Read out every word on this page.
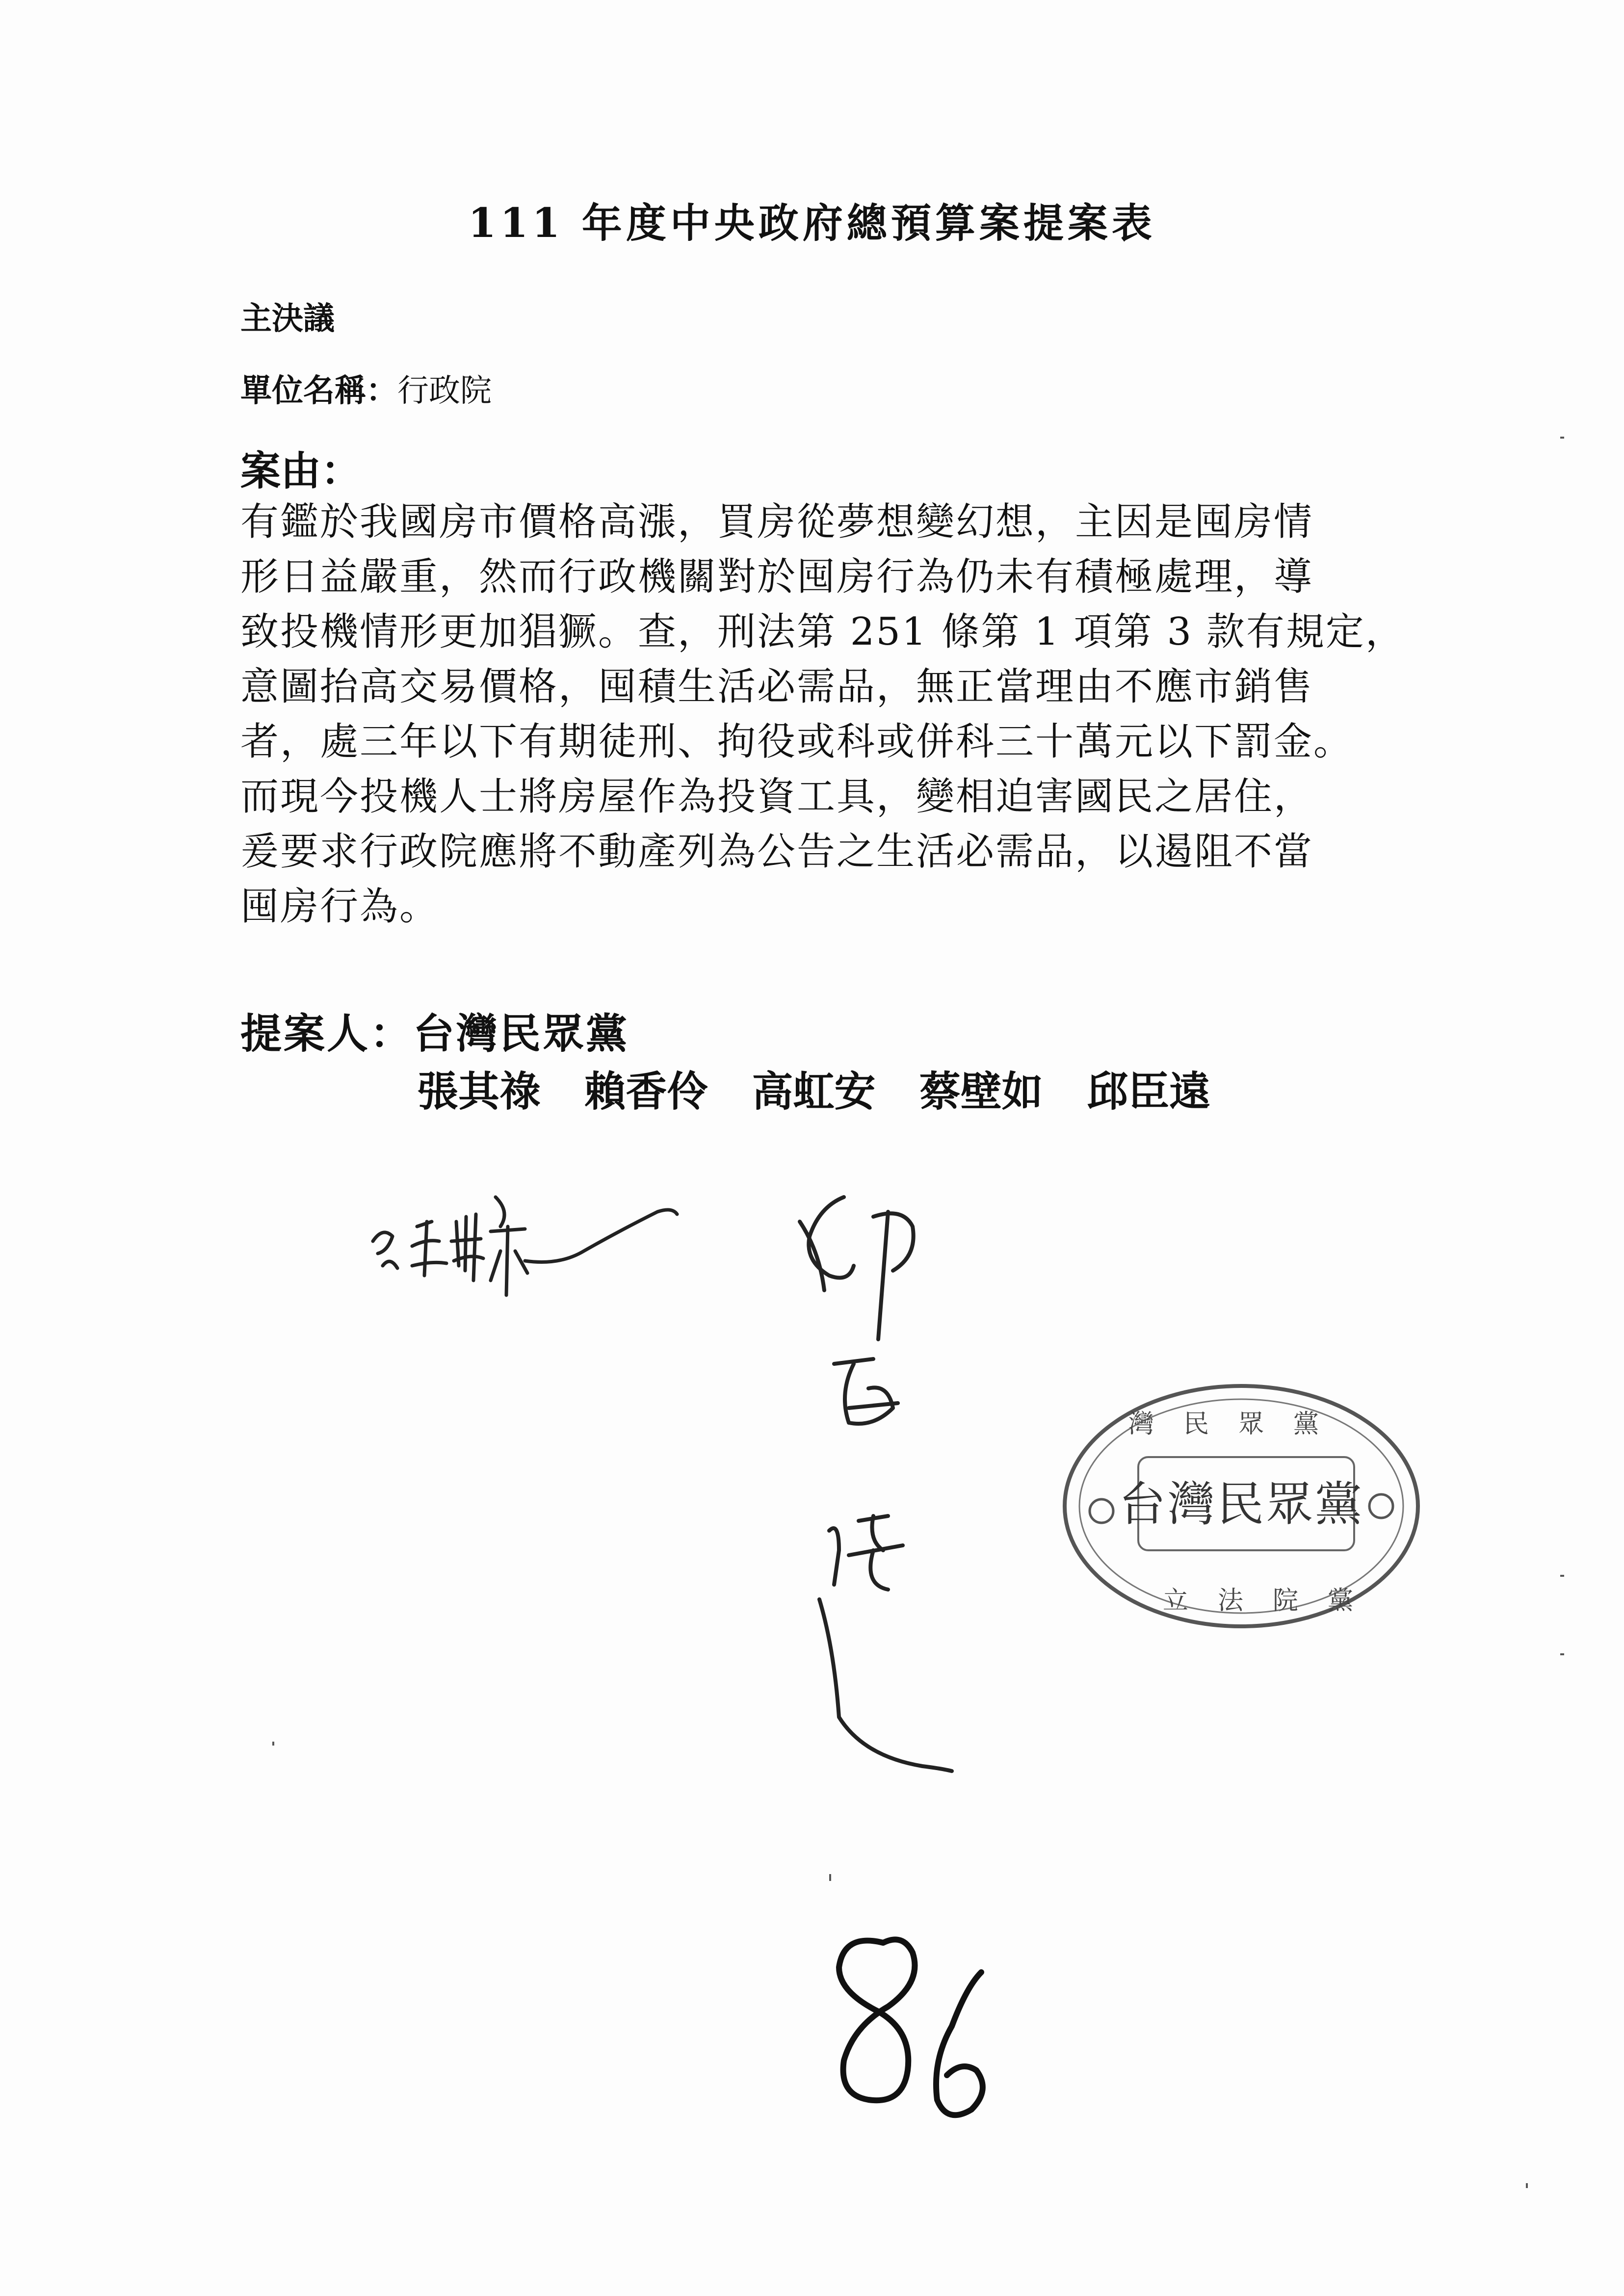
111 年度中央政府總預算案提案表
主決議
單位名稱：行政院
案由：
有鑑於我國房市價格高漲，買房從夢想變幻想，主因是囤房情
形日益嚴重，然而行政機關對於囤房行為仍未有積極處理，導
致投機情形更加猖獗。查，刑法第 251 條第 1 項第 3 款有規定，
意圖抬高交易價格，囤積生活必需品，無正當理由不應市銷售
者，處三年以下有期徒刑、拘役或科或併科三十萬元以下罰金。
而現今投機人士將房屋作為投資工具，變相迫害國民之居住，
爰要求行政院應將不動產列為公告之生活必需品，以遏阻不當
囤房行為。
提案人：台灣民眾黨
張其祿 賴香伶 高虹安 蔡壁如 邱臣遠
灣民眾黨
台灣民眾黨
立法院黨
